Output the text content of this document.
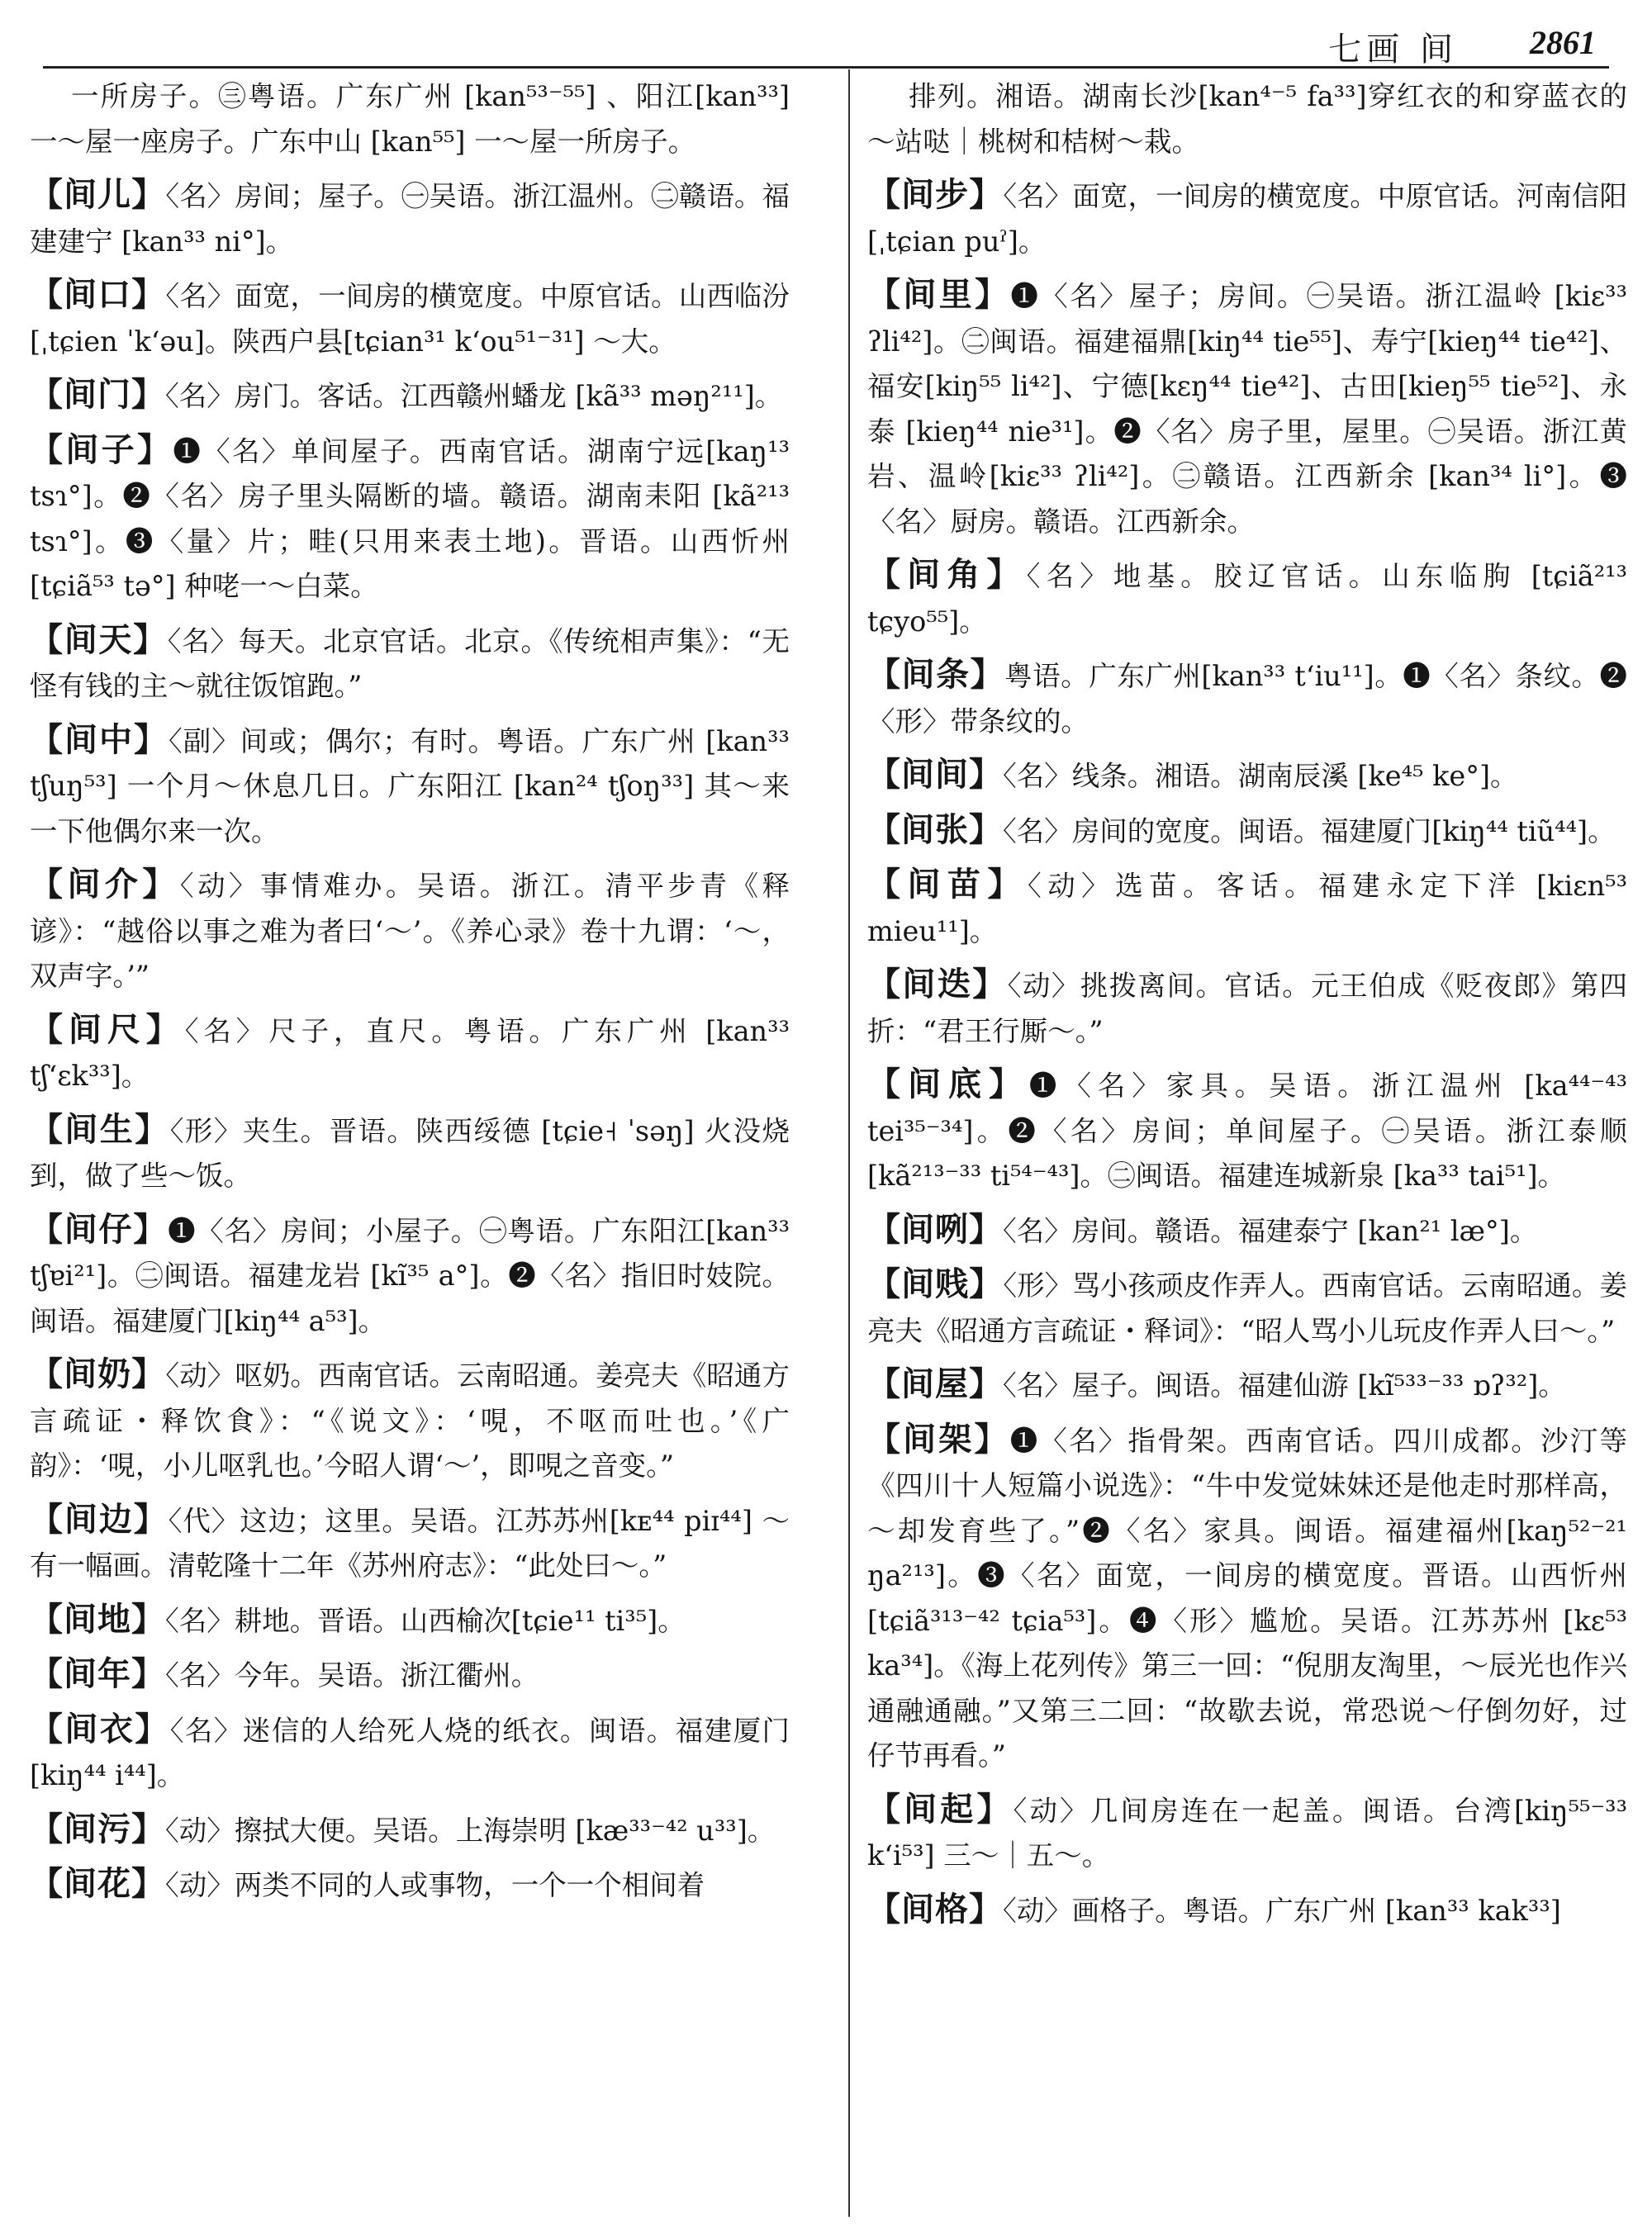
七画 间 2861
一所房子。㊂粤语。广东广州 [kan⁵³⁻⁵⁵] 、阳江[kan³³] 一～屋一座房子。广东中山 [kan⁵⁵] 一～屋一所房子。
【间儿】〈名〉房间；屋子。㊀吴语。浙江温州。㊁赣语。福建建宁 [kan³³ ni°]。
【间口】〈名〉面宽，一间房的横宽度。中原官话。山西临汾[ˌtɕien ˈkʻəu]。陕西户县[tɕian³¹ kʻou⁵¹⁻³¹] ～大。
【间门】〈名〉房门。客话。江西赣州蟠龙 [kã³³ məŋ²¹¹]。
【间子】❶〈名〉单间屋子。西南官话。湖南宁远[kaŋ¹³ tsɿ°]。❷〈名〉房子里头隔断的墙。赣语。湖南耒阳 [kã²¹³ tsɿ°]。❸〈量〉片；畦(只用来表土地)。晋语。山西忻州[tɕiã⁵³ tə°] 种咾一～白菜。
【间天】〈名〉每天。北京官话。北京。《传统相声集》：“无怪有钱的主～就往饭馆跑。”
【间中】〈副〉间或；偶尔；有时。粤语。广东广州 [kan³³ tʃuŋ⁵³] 一个月～休息几日。广东阳江 [kan²⁴ tʃoŋ³³] 其～来一下他偶尔来一次。
【间介】〈动〉事情难办。吴语。浙江。清平步青《释谚》：“越俗以事之难为者曰‘～’。《养心录》卷十九谓：‘～，双声字。’”
【间尺】〈名〉尺子，直尺。粤语。广东广州 [kan³³ tʃʻɛk³³]。
【间生】〈形〉夹生。晋语。陕西绥德 [tɕie˧ ˈsəŋ] 火没烧到，做了些～饭。
【间仔】❶〈名〉房间；小屋子。㊀粤语。广东阳江[kan³³ tʃɐi²¹]。㊁闽语。福建龙岩 [kĩ³⁵ a°]。❷〈名〉指旧时妓院。闽语。福建厦门[kiŋ⁴⁴ a⁵³]。
【间奶】〈动〉呕奶。西南官话。云南昭通。姜亮夫《昭通方言疏证・释饮食》：“《说文》：‘哯，不呕而吐也。’《广韵》：‘哯，小儿呕乳也。’今昭人谓‘～’，即哯之音变。”
【间边】〈代〉这边；这里。吴语。江苏苏州[kᴇ⁴⁴ piɪ⁴⁴] ～有一幅画。清乾隆十二年《苏州府志》：“此处曰～。”
【间地】〈名〉耕地。晋语。山西榆次[tɕie¹¹ ti³⁵]。
【间年】〈名〉今年。吴语。浙江衢州。
【间衣】〈名〉迷信的人给死人烧的纸衣。闽语。福建厦门[kiŋ⁴⁴ i⁴⁴]。
【间污】〈动〉擦拭大便。吴语。上海崇明 [kæ³³⁻⁴² u³³]。
【间花】〈动〉两类不同的人或事物，一个一个相间着
排列。湘语。湖南长沙[kan⁴⁻⁵ fa³³]穿红衣的和穿蓝衣的～站哒｜桃树和桔树～栽。
【间步】〈名〉面宽，一间房的横宽度。中原官话。河南信阳[ˌtɕian puˀ]。
【间里】❶〈名〉屋子；房间。㊀吴语。浙江温岭 [kiɛ³³ ʔli⁴²]。㊁闽语。福建福鼎[kiŋ⁴⁴ tie⁵⁵]、寿宁[kieŋ⁴⁴ tie⁴²]、福安[kiŋ⁵⁵ li⁴²]、宁德[kɛŋ⁴⁴ tie⁴²]、古田[kieŋ⁵⁵ tie⁵²]、永泰 [kieŋ⁴⁴ nie³¹]。❷〈名〉房子里，屋里。㊀吴语。浙江黄岩、温岭[kiɛ³³ ʔli⁴²]。㊁赣语。江西新余 [kan³⁴ li°]。❸〈名〉厨房。赣语。江西新余。
【间角】〈名〉地基。胶辽官话。山东临朐 [tɕiã²¹³ tɕyo⁵⁵]。
【间条】粤语。广东广州[kan³³ tʻiu¹¹]。❶〈名〉条纹。❷〈形〉带条纹的。
【间间】〈名〉线条。湘语。湖南辰溪 [ke⁴⁵ ke°]。
【间张】〈名〉房间的宽度。闽语。福建厦门[kiŋ⁴⁴ tiũ⁴⁴]。
【间苗】〈动〉选苗。客话。福建永定下洋 [kiɛn⁵³ mieu¹¹]。
【间迭】〈动〉挑拨离间。官话。元王伯成《贬夜郎》第四折：“君王行厮～。”
【间底】❶〈名〉家具。吴语。浙江温州 [ka⁴⁴⁻⁴³ tei³⁵⁻³⁴]。❷〈名〉房间；单间屋子。㊀吴语。浙江泰顺[kã²¹³⁻³³ ti⁵⁴⁻⁴³]。㊁闽语。福建连城新泉 [ka³³ tai⁵¹]。
【间咧】〈名〉房间。赣语。福建泰宁 [kan²¹ læ°]。
【间贱】〈形〉骂小孩顽皮作弄人。西南官话。云南昭通。姜亮夫《昭通方言疏证・释词》：“昭人骂小儿玩皮作弄人曰～。”
【间屋】〈名〉屋子。闽语。福建仙游 [kĩ⁵³³⁻³³ ɒʔ³²]。
【间架】❶〈名〉指骨架。西南官话。四川成都。沙汀等《四川十人短篇小说选》：“牛中发觉妹妹还是他走时那样高，～却发育些了。”❷〈名〉家具。闽语。福建福州[kaŋ⁵²⁻²¹ ŋa²¹³]。❸〈名〉面宽，一间房的横宽度。晋语。山西忻州 [tɕiã³¹³⁻⁴² tɕia⁵³]。❹〈形〉尴尬。吴语。江苏苏州 [kɛ⁵³ ka³⁴]。《海上花列传》第三一回：“倪朋友淘里，～辰光也作兴通融通融。”又第三二回：“故歇去说，常恐说～仔倒勿好，过仔节再看。”
【间起】〈动〉几间房连在一起盖。闽语。台湾[kiŋ⁵⁵⁻³³ kʻi⁵³] 三～｜五～。
【间格】〈动〉画格子。粤语。广东广州 [kan³³ kak³³]
